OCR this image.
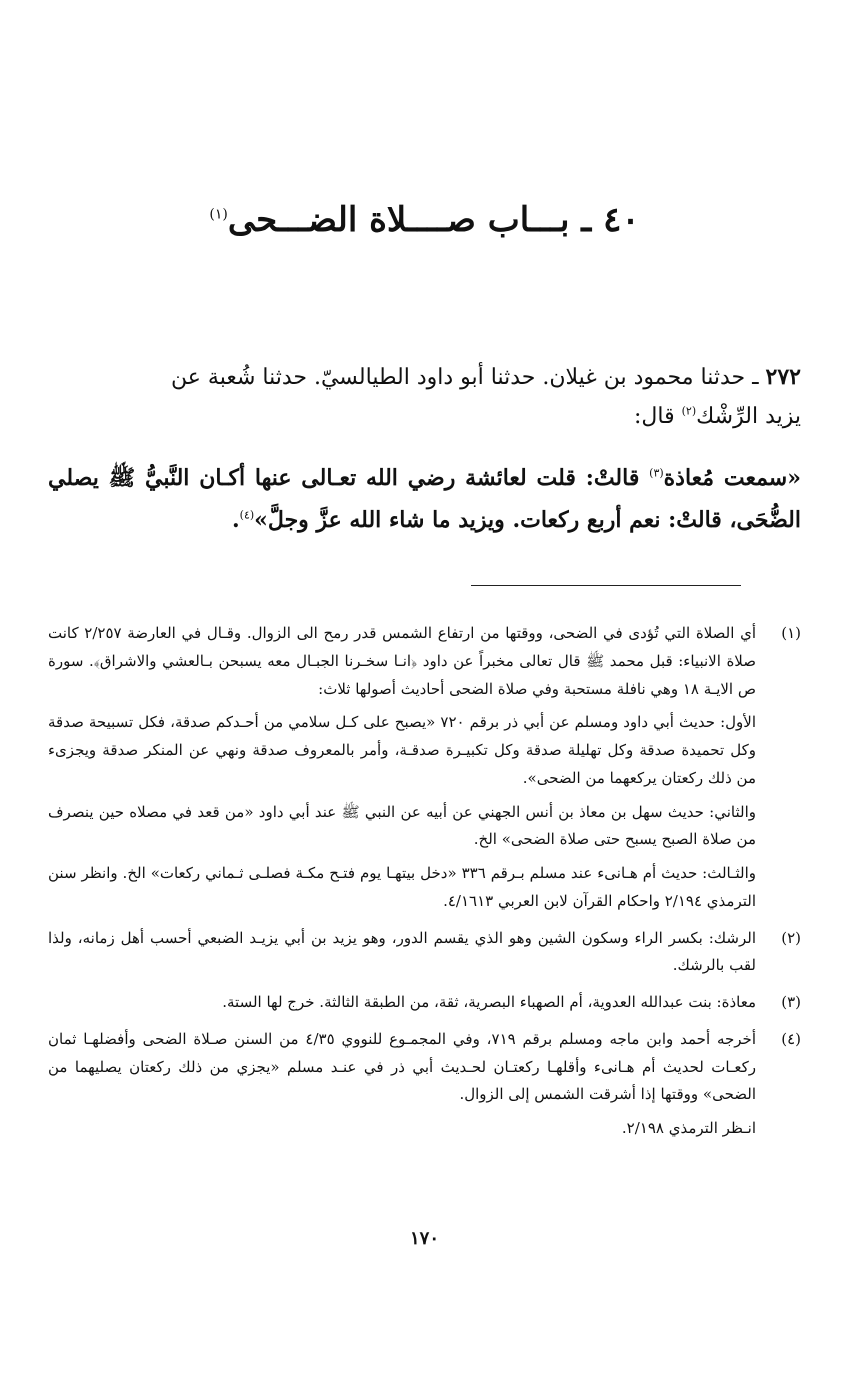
٤٠ ـ بـــاب صــــلاة الضـــحى$^{(١)}$
٢٧٢ ـ حدثنا محمود بن غيلان. حدثنا أبو داود الطيالسيّ. حدثنا شُعبة عن
يزيد الرِّشْك$^{(٢)}$ قال:
«سمعت مُعاذة$^{(٣)}$ قالتْ: قلت لعائشة رضي الله تعـالى عنها أكـان النَّبيُّ ﷺ يصلي الضُّحَى، قالتْ: نعم أربع ركعات. ويزيد ما شاء الله عزَّ وجلَّ»$^{(٤)}$.
(١)

أي الصلاة التي تُؤدى في الضحى، ووقتها من ارتفاع الشمس قدر رمح الى الزوال. وقـال في العارضة ٢/٢٥٧ كانت صلاة الانبياء: قبل محمد ﷺ قال تعالى مخبراً عن داود ﴿انـا سخـرنا الجبـال معه يسبحن بـالعشي والاشراق﴾. سورة ص الايـة ١٨ وهي نافلة مستحبة وفي صلاة الضحى أحاديث أصولها ثلاث:

الأول: حديث أبي داود ومسلم عن أبي ذر برقم ٧٢٠ «يصبح على كـل سلامي من أحـدكم صدقة، فكل تسبيحة صدقة وكل تحميدة صدقة وكل تهليلة صدقة وكل تكبيـرة صدقـة، وأمر بالمعروف صدقة ونهي عن المنكر صدقة ويجزىء من ذلك ركعتان يركعهما من الضحى».

والثاني: حديث سهل بن معاذ بن أنس الجهني عن أبيه عن النبي ﷺ عند أبي داود «من قعد في مصلاه حين ينصرف من صلاة الصبح يسبح حتى صلاة الضحى» الخ.

والثـالث: حديث أم هـانىء عند مسلم بـرقم ٣٣٦ «دخل بيتهـا يوم فتـح مكـة فصلـى ثـماني ركعات» الخ. وانظر سنن الترمذي ٢/١٩٤ واحكام القرآن لابن العربي ٤/١٦١٣.

(٢)

الرشك: بكسر الراء وسكون الشين وهو الذي يقسم الدور، وهو يزيد بن أبي يزيـد الضبعي أحسب أهل زمانه، ولذا لقب بالرشك.

(٣)

معاذة: بنت عبدالله العدوية، أم الصهباء البصرية، ثقة، من الطبقة الثالثة. خرج لها الستة.

(٤)

أخرجه أحمد وابن ماجه ومسلم برقم ٧١٩، وفي المجمـوع للنووي ٤/٣٥ من السنن صـلاة الضحى وأفضلهـا ثمان ركعـات لحديث أم هـانىء وأقلهـا ركعتـان لحـديث أبي ذر في عنـد مسلم «يجزي من ذلك ركعتان يصليهما من الضحى» ووقتها إذا أشرقت الشمس إلى الزوال.

انـظر الترمذي ٢/١٩٨.

١٧٠
